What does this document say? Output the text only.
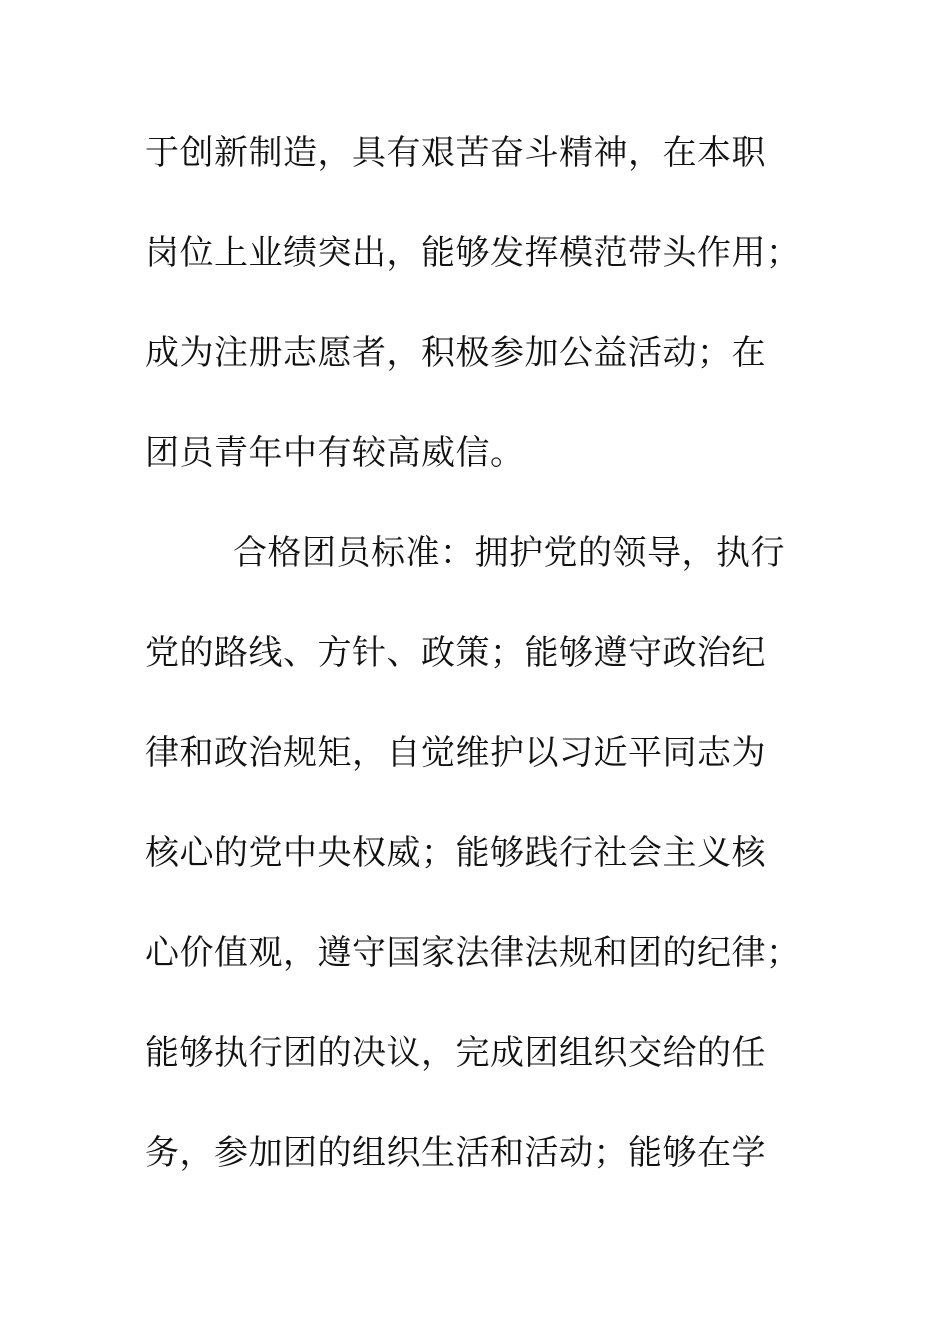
于创新制造，具有艰苦奋斗精神，在本职
岗位上业绩突出，能够发挥模范带头作用；
成为注册志愿者，积极参加公益活动；在
团员青年中有较高威信。
合格团员标准：拥护党的领导，执行
党的路线、方针、政策；能够遵守政治纪
律和政治规矩，自觉维护以习近平同志为
核心的党中央权威；能够践行社会主义核
心价值观，遵守国家法律法规和团的纪律；
能够执行团的决议，完成团组织交给的任
务，参加团的组织生活和活动；能够在学
